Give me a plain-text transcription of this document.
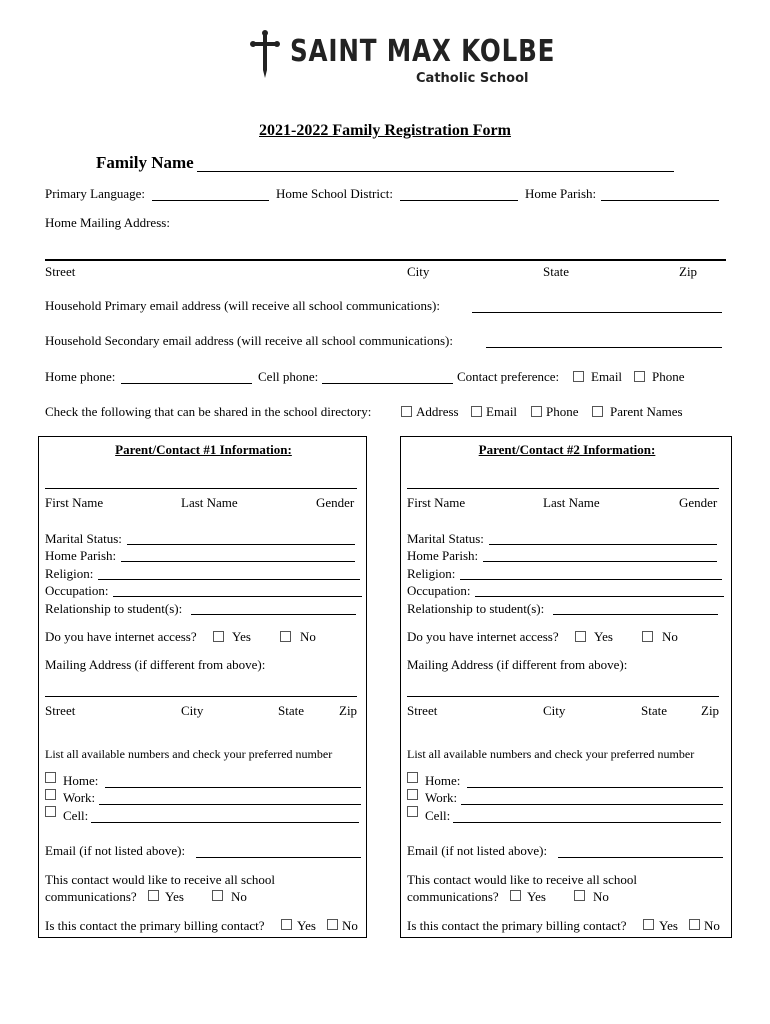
SAINT MAX KOLBE
Catholic School
2021-2022 Family Registration Form
Family Name
Primary Language:	Home School District:	Home Parish:
Home Mailing Address:
Street	City	State	Zip
Household Primary email address (will receive all school communications):
Household Secondary email address (will receive all school communications):
Home phone:	Cell phone:	Contact preference: Email Phone
Check the following that can be shared in the school directory:	Address Email Phone Parent Names
Parent/Contact #1 Information:
First Name	Last Name	Gender
Marital Status:
Home Parish:
Religion:
Occupation:
Relationship to student(s):
Do you have internet access?	Yes	No
Mailing Address (if different from above):
Street	City	State	Zip
List all available numbers and check your preferred number
Home:
Work:
Cell:
Email (if not listed above):
This contact would like to receive all school
communications? Yes	No
Is this contact the primary billing contact?	Yes No
Parent/Contact #2 Information:
First Name	Last Name	Gender
Marital Status:
Home Parish:
Religion:
Occupation:
Relationship to student(s):
Do you have internet access?	Yes	No
Mailing Address (if different from above):
Street	City	State	Zip
List all available numbers and check your preferred number
Home:
Work:
Cell:
Email (if not listed above):
This contact would like to receive all school
communications? Yes	No
Is this contact the primary billing contact?	Yes No
